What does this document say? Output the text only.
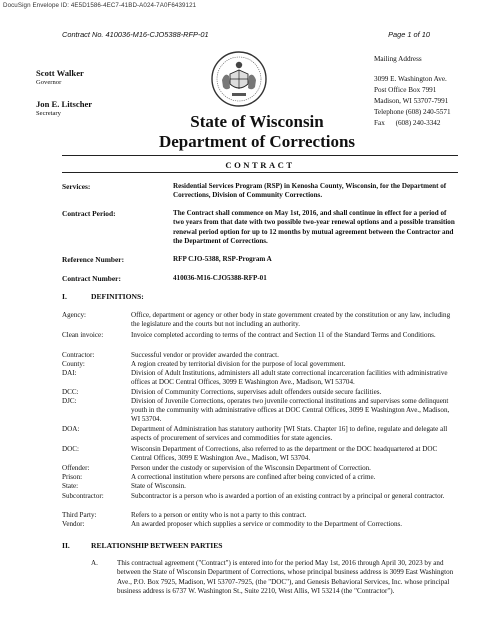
DocuSign Envelope ID: 4E5D1586-4EC7-41BD-A024-7A0F6439121
Contract No. 410036-M16-CJO5388-RFP-01	Page 1 of 10
Scott Walker
Governor
Jon E. Litscher
Secretary
Mailing Address
3099 E. Washington Ave.
Post Office Box 7991
Madison, WI 53707-7991
Telephone (608) 240-5571
Fax      (608) 240-3342
State of Wisconsin
Department of Corrections
CONTRACT
Services:	Residential Services Program (RSP) in Kenosha County, Wisconsin, for the Department of Corrections, Division of Community Corrections.
Contract Period:	The Contract shall commence on May 1st, 2016, and shall continue in effect for a period of two years from that date with two possible two-year renewal options and a possible transition renewal period option for up to 12 months by mutual agreement between the Contractor and the Department of Corrections.
Reference Number:	RFP CJO-5388, RSP-Program A
Contract Number:	410036-M16-CJO5388-RFP-01
I.	DEFINITIONS:
Agency:	Office, department or agency or other body in state government created by the constitution or any law, including the legislature and the courts but not including an authority.
Clean invoice:	Invoice completed according to terms of the contract and Section 11 of the Standard Terms and Conditions.
Contractor:	Successful vendor or provider awarded the contract.
County:	A region created by territorial division for the purpose of local government.
DAI:	Division of Adult Institutions, administers all adult state correctional incarceration facilities with administrative offices at DOC Central Offices, 3099 E Washington Ave., Madison, WI 53704.
DCC:	Division of Community Corrections, supervises adult offenders outside secure facilities.
DJC:	Division of Juvenile Corrections, operates two juvenile correctional institutions and supervises some delinquent youth in the community with administrative offices at DOC Central Offices, 3099 E Washington Ave., Madison, WI 53704.
DOA:	Department of Administration has statutory authority [WI Stats. Chapter 16] to define, regulate and delegate all aspects of procurement of services and commodities for state agencies.
DOC:	Wisconsin Department of Corrections, also referred to as the department or the DOC headquartered at DOC Central Offices, 3099 E Washington Ave., Madison, WI 53704.
Offender:	Person under the custody or supervision of the Wisconsin Department of Correction.
Prison:	A correctional institution where persons are confined after being convicted of a crime.
State:	State of Wisconsin.
Subcontractor:	Subcontractor is a person who is awarded a portion of an existing contract by a principal or general contractor.
Third Party:	Refers to a person or entity who is not a party to this contract.
Vendor:	An awarded proposer which supplies a service or commodity to the Department of Corrections.
II.	RELATIONSHIP BETWEEN PARTIES
A.	This contractual agreement ("Contract") is entered into for the period May 1st, 2016 through April 30, 2023 by and between the State of Wisconsin Department of Corrections, whose principal business address is 3099 East Washington Ave., P.O. Box 7925, Madison, WI 53707-7925, (the "DOC"), and Genesis Behavioral Services, Inc. whose principal business address is 6737 W. Washington St., Suite 2210, West Allis, WI 53214 (the "Contractor").
